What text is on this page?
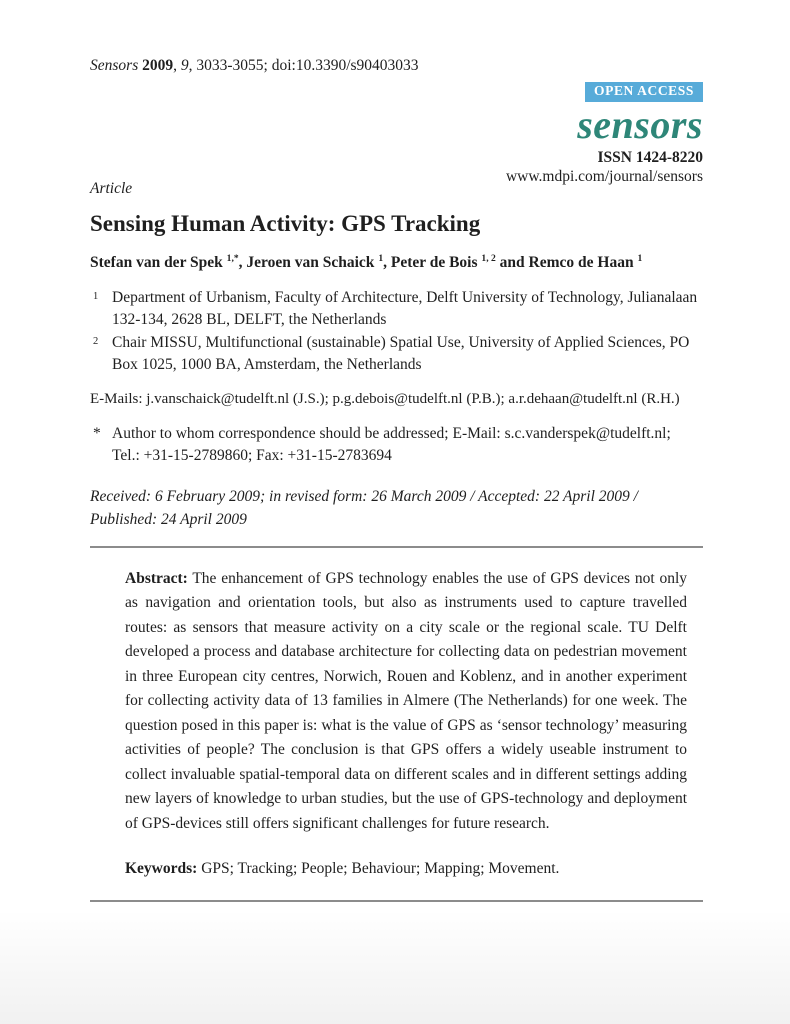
Sensors 2009, 9, 3033-3055; doi:10.3390/s90403033
OPEN ACCESS
sensors
ISSN 1424-8220
www.mdpi.com/journal/sensors
Article
Sensing Human Activity: GPS Tracking
Stefan van der Spek $^{1,*}$, Jeroen van Schaick $^1$, Peter de Bois $^{1, 2}$ and Remco de Haan $^1$
1 Department of Urbanism, Faculty of Architecture, Delft University of Technology, Julianalaan 132-134, 2628 BL, DELFT, the Netherlands
2 Chair MISSU, Multifunctional (sustainable) Spatial Use, University of Applied Sciences, PO Box 1025, 1000 BA, Amsterdam, the Netherlands
E-Mails: j.vanschaick@tudelft.nl (J.S.); p.g.debois@tudelft.nl (P.B.); a.r.dehaan@tudelft.nl (R.H.)
* Author to whom correspondence should be addressed; E-Mail: s.c.vanderspek@tudelft.nl;
Tel.: +31-15-2789860; Fax: +31-15-2783694
Received: 6 February 2009; in revised form: 26 March 2009 / Accepted: 22 April 2009 /
Published: 24 April 2009

Abstract: The enhancement of GPS technology enables the use of GPS devices not only as navigation and orientation tools, but also as instruments used to capture travelled routes: as sensors that measure activity on a city scale or the regional scale. TU Delft developed a process and database architecture for collecting data on pedestrian movement in three European city centres, Norwich, Rouen and Koblenz, and in another experiment for collecting activity data of 13 families in Almere (The Netherlands) for one week. The question posed in this paper is: what is the value of GPS as ‘sensor technology’ measuring activities of people? The conclusion is that GPS offers a widely useable instrument to collect invaluable spatial-temporal data on different scales and in different settings adding new layers of knowledge to urban studies, but the use of GPS-technology and deployment of GPS-devices still offers significant challenges for future research.

Keywords: GPS; Tracking; People; Behaviour; Mapping; Movement.
